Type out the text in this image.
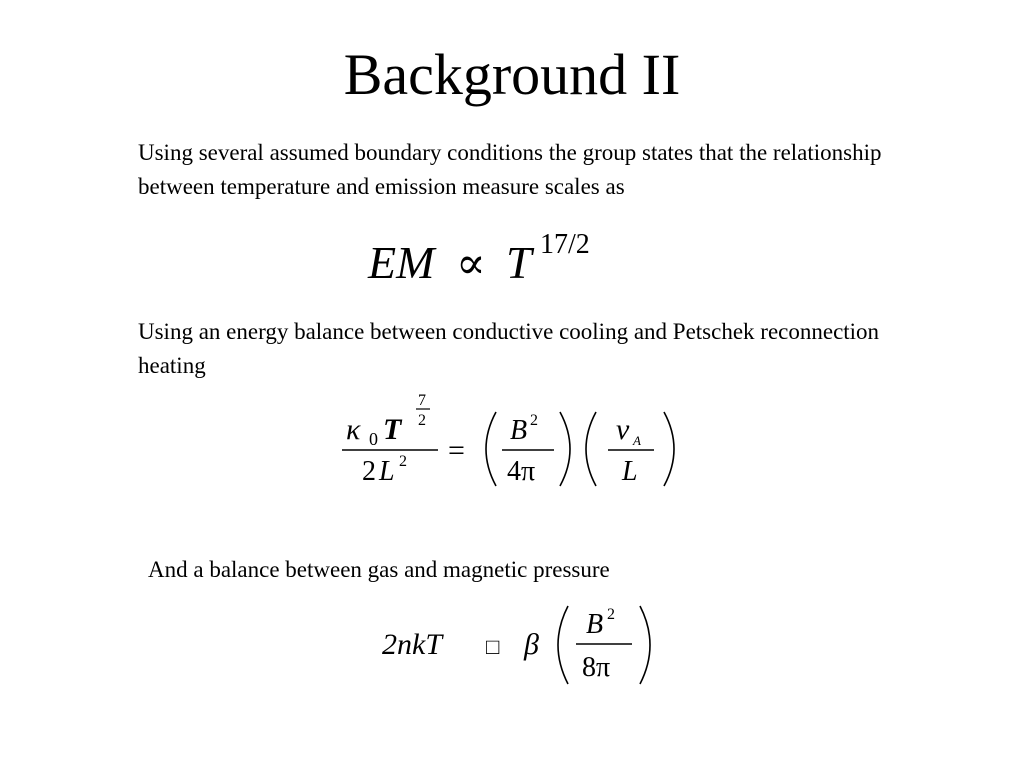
Background II
Using several assumed boundary conditions the group states that the relationship between temperature and emission measure scales as
EM ∝ T 17/2
Using an energy balance between conductive cooling and Petschek reconnection heating
κ 0 T
7
2
2 L 2 =
B 2
4π
v A
L
And a balance between gas and magnetic pressure
2nkT □ β
B 2
8π
